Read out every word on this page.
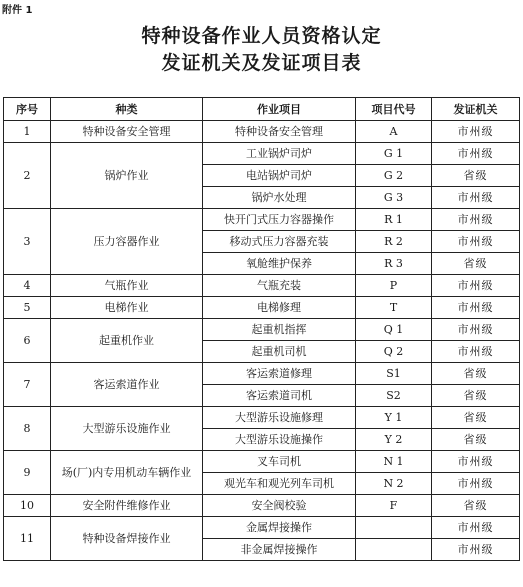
附件 1
特种设备作业人员资格认定
发证机关及发证项目表
序号	种类	作业项目	项目代号	发证机关
1	特种设备安全管理	特种设备安全管理	A	市州级
2	锅炉作业	工业锅炉司炉	G 1	市州级
		电站锅炉司炉	G 2	省级
		锅炉水处理	G 3	市州级
3	压力容器作业	快开门式压力容器操作	R 1	市州级
		移动式压力容器充装	R 2	市州级
		氧舱维护保养	R 3	省级
4	气瓶作业	气瓶充装	P	市州级
5	电梯作业	电梯修理	T	市州级
6	起重机作业	起重机指挥	Q 1	市州级
		起重机司机	Q 2	市州级
7	客运索道作业	客运索道修理	S1	省级
		客运索道司机	S2	省级
8	大型游乐设施作业	大型游乐设施修理	Y 1	省级
		大型游乐设施操作	Y 2	省级
9	场(厂)内专用机动车辆作业	叉车司机	N 1	市州级
		观光车和观光列车司机	N 2	市州级
10	安全附件维修作业	安全阀校验	F	省级
11	特种设备焊接作业	金属焊接操作		市州级
		非金属焊接操作		市州级
